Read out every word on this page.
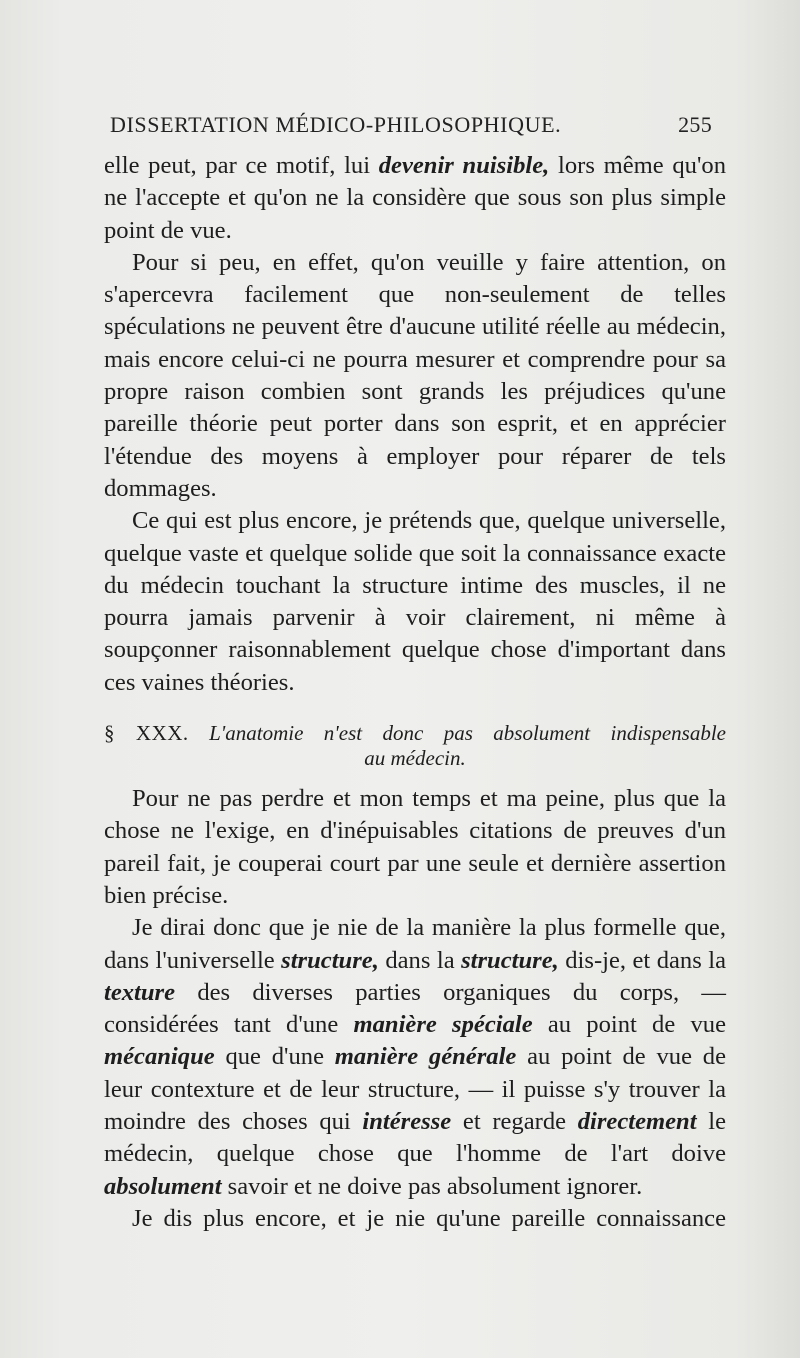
DISSERTATION MÉDICO-PHILOSOPHIQUE.	255

elle peut, par ce motif, lui devenir nuisible, lors même qu'on ne l'accepte et qu'on ne la considère que sous son plus simple point de vue.

Pour si peu, en effet, qu'on veuille y faire attention, on s'apercevra facilement que non-seulement de telles spéculations ne peuvent être d'aucune utilité réelle au médecin, mais encore celui-ci ne pourra mesurer et comprendre pour sa propre raison combien sont grands les préjudices qu'une pareille théorie peut porter dans son esprit, et en apprécier l'étendue des moyens à employer pour réparer de tels dommages.

Ce qui est plus encore, je prétends que, quelque universelle, quelque vaste et quelque solide que soit la connaissance exacte du médecin touchant la structure intime des muscles, il ne pourra jamais parvenir à voir clairement, ni même à soupçonner raisonnablement quelque chose d'important dans ces vaines théories.

§ XXX. L'anatomie n'est donc pas absolument indispensable
au médecin.

Pour ne pas perdre et mon temps et ma peine, plus que la chose ne l'exige, en d'inépuisables citations de preuves d'un pareil fait, je couperai court par une seule et dernière assertion bien précise.

Je dirai donc que je nie de la manière la plus formelle que, dans l'universelle structure, dans la structure, dis-je, et dans la texture des diverses parties organiques du corps, — considérées tant d'une manière spéciale au point de vue mécanique que d'une manière générale au point de vue de leur contexture et de leur structure, — il puisse s'y trouver la moindre des choses qui intéresse et regarde directement le médecin, quelque chose que l'homme de l'art doive absolument savoir et ne doive pas absolument ignorer.

Je dis plus encore, et je nie qu'une pareille connaissance
